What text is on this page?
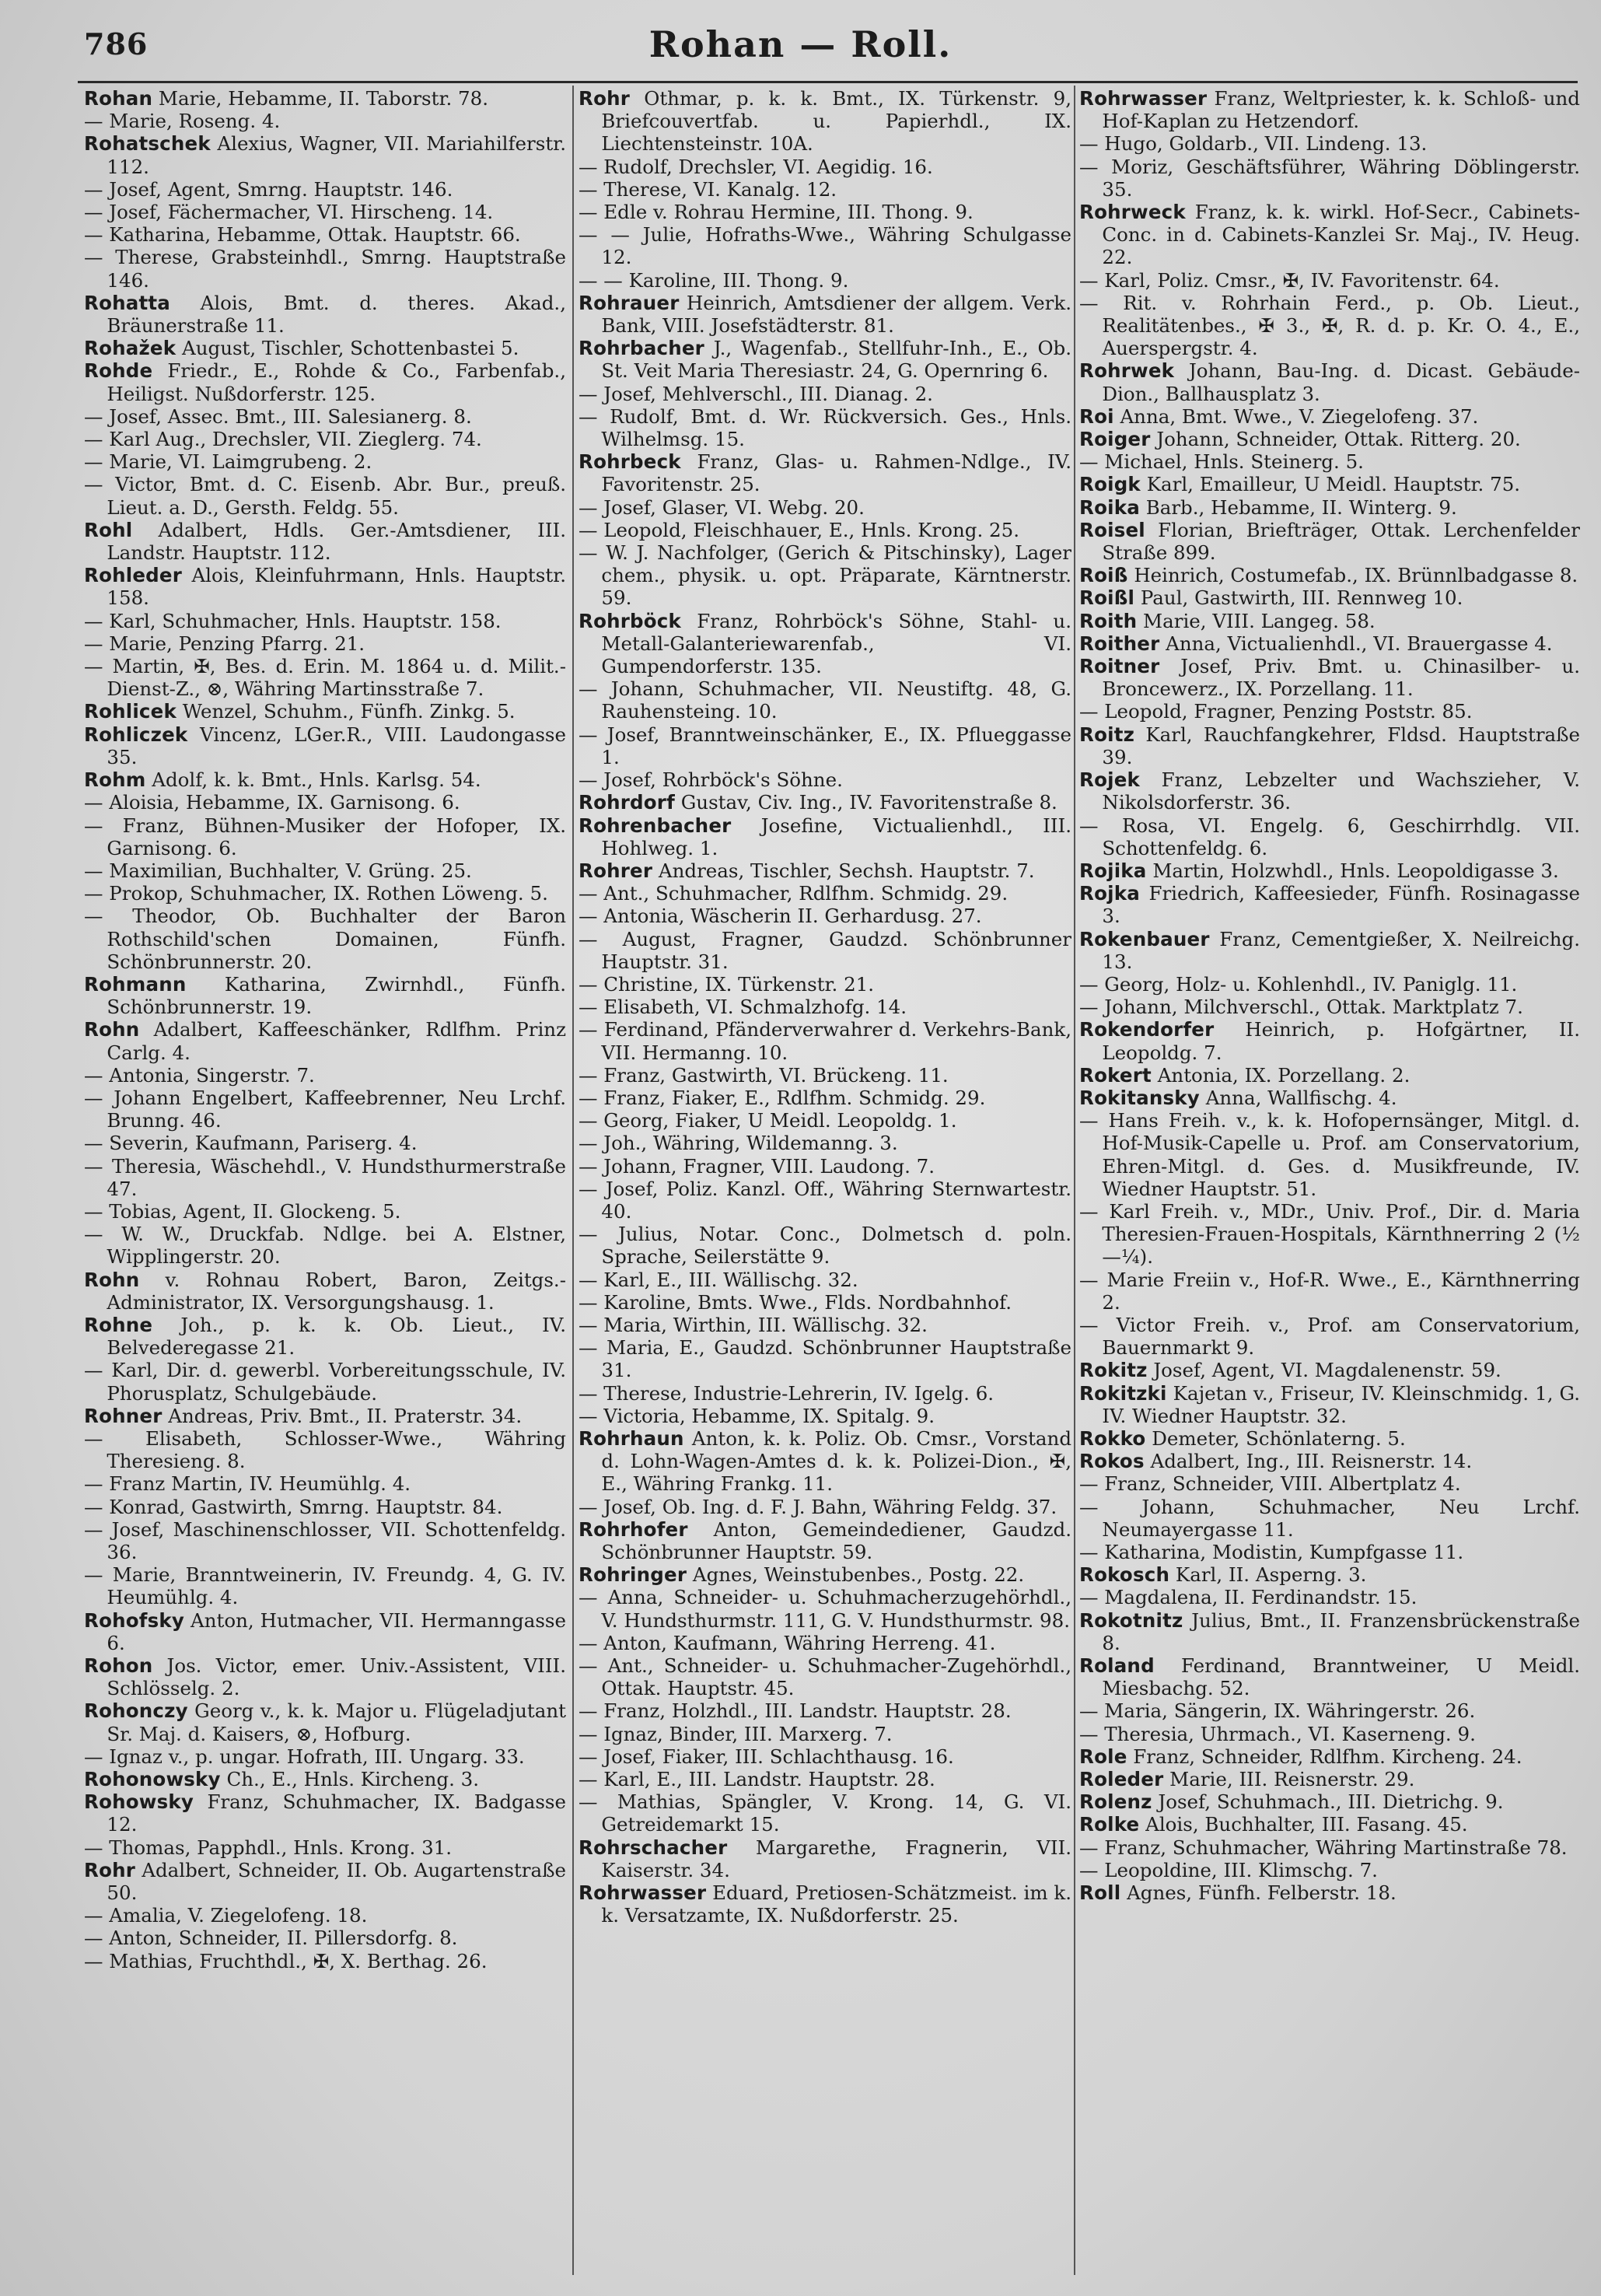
786	Rohan — Roll.

Rohan Marie, Hebamme, II. Taborstr. 78.

— Marie, Roseng. 4.

Rohatschek Alexius, Wagner, VII. Mariahilferstr. 112.

— Josef, Agent, Smrng. Hauptstr. 146.

— Josef, Fächermacher, VI. Hirscheng. 14.

— Katharina, Hebamme, Ottak. Hauptstr. 66.

— Therese, Grabsteinhdl., Smrng. Hauptstraße 146.

Rohatta Alois, Bmt. d. theres. Akad., Bräunerstraße 11.

Rohažek August, Tischler, Schottenbastei 5.

Rohde Friedr., E., Rohde & Co., Farbenfab., Heiligst. Nußdorferstr. 125.

— Josef, Assec. Bmt., III. Salesianerg. 8.

— Karl Aug., Drechsler, VII. Zieglerg. 74.

— Marie, VI. Laimgrubeng. 2.

— Victor, Bmt. d. C. Eisenb. Abr. Bur., preuß. Lieut. a. D., Gersth. Feldg. 55.

Rohl Adalbert, Hdls. Ger.-Amtsdiener, III. Landstr. Hauptstr. 112.

Rohleder Alois, Kleinfuhrmann, Hnls. Hauptstr. 158.

— Karl, Schuhmacher, Hnls. Hauptstr. 158.

— Marie, Penzing Pfarrg. 21.

— Martin, ✠, Bes. d. Erin. M. 1864 u. d. Milit.-Dienst-Z., ⊗, Währing Martinsstraße 7.

Rohlicek Wenzel, Schuhm., Fünfh. Zinkg. 5.

Rohliczek Vincenz, LGer.R., VIII. Laudongasse 35.

Rohm Adolf, k. k. Bmt., Hnls. Karlsg. 54.

— Aloisia, Hebamme, IX. Garnisong. 6.

— Franz, Bühnen-Musiker der Hofoper, IX. Garnisong. 6.

— Maximilian, Buchhalter, V. Grüng. 25.

— Prokop, Schuhmacher, IX. Rothen Löweng. 5.

— Theodor, Ob. Buchhalter der Baron Rothschild'schen Domainen, Fünfh. Schönbrunnerstr. 20.

Rohmann Katharina, Zwirnhdl., Fünfh. Schönbrunnerstr. 19.

Rohn Adalbert, Kaffeeschänker, Rdlfhm. Prinz Carlg. 4.

— Antonia, Singerstr. 7.

— Johann Engelbert, Kaffeebrenner, Neu Lrchf. Brunng. 46.

— Severin, Kaufmann, Pariserg. 4.

— Theresia, Wäschehdl., V. Hundsthurmerstraße 47.

— Tobias, Agent, II. Glockeng. 5.

— W. W., Druckfab. Ndlge. bei A. Elstner, Wipplingerstr. 20.

Rohn v. Rohnau Robert, Baron, Zeitgs.-Administrator, IX. Versorgungshausg. 1.

Rohne Joh., p. k. k. Ob. Lieut., IV. Belvederegasse 21.

— Karl, Dir. d. gewerbl. Vorbereitungsschule, IV. Phorusplatz, Schulgebäude.

Rohner Andreas, Priv. Bmt., II. Praterstr. 34.

— Elisabeth, Schlosser-Wwe., Währing Theresieng. 8.

— Franz Martin, IV. Heumühlg. 4.

— Konrad, Gastwirth, Smrng. Hauptstr. 84.

— Josef, Maschinenschlosser, VII. Schottenfeldg. 36.

— Marie, Branntweinerin, IV. Freundg. 4, G. IV. Heumühlg. 4.

Rohofsky Anton, Hutmacher, VII. Hermanngasse 6.

Rohon Jos. Victor, emer. Univ.-Assistent, VIII. Schlösselg. 2.

Rohonczy Georg v., k. k. Major u. Flügeladjutant Sr. Maj. d. Kaisers, ⊗, Hofburg.

— Ignaz v., p. ungar. Hofrath, III. Ungarg. 33.

Rohonowsky Ch., E., Hnls. Kircheng. 3.

Rohowsky Franz, Schuhmacher, IX. Badgasse 12.

— Thomas, Papphdl., Hnls. Krong. 31.

Rohr Adalbert, Schneider, II. Ob. Augartenstraße 50.

— Amalia, V. Ziegelofeng. 18.

— Anton, Schneider, II. Pillersdorfg. 8.

— Mathias, Fruchthdl., ✠, X. Berthag. 26.

Rohr Othmar, p. k. k. Bmt., IX. Türkenstr. 9, Briefcouvertfab. u. Papierhdl., IX. Liechtensteinstr. 10A.

— Rudolf, Drechsler, VI. Aegidig. 16.

— Therese, VI. Kanalg. 12.

— Edle v. Rohrau Hermine, III. Thong. 9.

— — Julie, Hofraths-Wwe., Währing Schulgasse 12.

— — Karoline, III. Thong. 9.

Rohrauer Heinrich, Amtsdiener der allgem. Verk. Bank, VIII. Josefstädterstr. 81.

Rohrbacher J., Wagenfab., Stellfuhr-Inh., E., Ob. St. Veit Maria Theresiastr. 24, G. Opernring 6.

— Josef, Mehlverschl., III. Dianag. 2.

— Rudolf, Bmt. d. Wr. Rückversich. Ges., Hnls. Wilhelmsg. 15.

Rohrbeck Franz, Glas- u. Rahmen-Ndlge., IV. Favoritenstr. 25.

— Josef, Glaser, VI. Webg. 20.

— Leopold, Fleischhauer, E., Hnls. Krong. 25.

— W. J. Nachfolger, (Gerich & Pitschinsky), Lager chem., physik. u. opt. Präparate, Kärntnerstr. 59.

Rohrböck Franz, Rohrböck's Söhne, Stahl- u. Metall-Galanteriewarenfab., VI. Gumpendorferstr. 135.

— Johann, Schuhmacher, VII. Neustiftg. 48, G. Rauhensteing. 10.

— Josef, Branntweinschänker, E., IX. Pflueggasse 1.

— Josef, Rohrböck's Söhne.

Rohrdorf Gustav, Civ. Ing., IV. Favoritenstraße 8.

Rohrenbacher Josefine, Victualienhdl., III. Hohlweg. 1.

Rohrer Andreas, Tischler, Sechsh. Hauptstr. 7.

— Ant., Schuhmacher, Rdlfhm. Schmidg. 29.

— Antonia, Wäscherin II. Gerhardusg. 27.

— August, Fragner, Gaudzd. Schönbrunner Hauptstr. 31.

— Christine, IX. Türkenstr. 21.

— Elisabeth, VI. Schmalzhofg. 14.

— Ferdinand, Pfänderverwahrer d. Verkehrs-Bank, VII. Hermanng. 10.

— Franz, Gastwirth, VI. Brückeng. 11.

— Franz, Fiaker, E., Rdlfhm. Schmidg. 29.

— Georg, Fiaker, U Meidl. Leopoldg. 1.

— Joh., Währing, Wildemanng. 3.

— Johann, Fragner, VIII. Laudong. 7.

— Josef, Poliz. Kanzl. Off., Währing Sternwartestr. 40.

— Julius, Notar. Conc., Dolmetsch d. poln. Sprache, Seilerstätte 9.

— Karl, E., III. Wällischg. 32.

— Karoline, Bmts. Wwe., Flds. Nordbahnhof.

— Maria, Wirthin, III. Wällischg. 32.

— Maria, E., Gaudzd. Schönbrunner Hauptstraße 31.

— Therese, Industrie-Lehrerin, IV. Igelg. 6.

— Victoria, Hebamme, IX. Spitalg. 9.

Rohrhaun Anton, k. k. Poliz. Ob. Cmsr., Vorstand d. Lohn-Wagen-Amtes d. k. k. Polizei-Dion., ✠, E., Währing Frankg. 11.

— Josef, Ob. Ing. d. F. J. Bahn, Währing Feldg. 37.

Rohrhofer Anton, Gemeindediener, Gaudzd. Schönbrunner Hauptstr. 59.

Rohringer Agnes, Weinstubenbes., Postg. 22.

— Anna, Schneider- u. Schuhmacherzugehörhdl., V. Hundsthurmstr. 111, G. V. Hundsthurmstr. 98.

— Anton, Kaufmann, Währing Herreng. 41.

— Ant., Schneider- u. Schuhmacher-Zugehörhdl., Ottak. Hauptstr. 45.

— Franz, Holzhdl., III. Landstr. Hauptstr. 28.

— Ignaz, Binder, III. Marxerg. 7.

— Josef, Fiaker, III. Schlachthausg. 16.

— Karl, E., III. Landstr. Hauptstr. 28.

— Mathias, Spängler, V. Krong. 14, G. VI. Getreidemarkt 15.

Rohrschacher Margarethe, Fragnerin, VII. Kaiserstr. 34.

Rohrwasser Eduard, Pretiosen-Schätzmeist. im k. k. Versatzamte, IX. Nußdorferstr. 25.

Rohrwasser Franz, Weltpriester, k. k. Schloß- und Hof-Kaplan zu Hetzendorf.

— Hugo, Goldarb., VII. Lindeng. 13.

— Moriz, Geschäftsführer, Währing Döblingerstr. 35.

Rohrweck Franz, k. k. wirkl. Hof-Secr., Cabinets-Conc. in d. Cabinets-Kanzlei Sr. Maj., IV. Heug. 22.

— Karl, Poliz. Cmsr., ✠, IV. Favoritenstr. 64.

— Rit. v. Rohrhain Ferd., p. Ob. Lieut., Realitätenbes., ✠ 3., ✠, R. d. p. Kr. O. 4., E., Auerspergstr. 4.

Rohrwek Johann, Bau-Ing. d. Dicast. Gebäude-Dion., Ballhausplatz 3.

Roi Anna, Bmt. Wwe., V. Ziegelofeng. 37.

Roiger Johann, Schneider, Ottak. Ritterg. 20.

— Michael, Hnls. Steinerg. 5.

Roigk Karl, Emailleur, U Meidl. Hauptstr. 75.

Roika Barb., Hebamme, II. Winterg. 9.

Roisel Florian, Briefträger, Ottak. Lerchenfelder Straße 899.

Roiß Heinrich, Costumefab., IX. Brünnlbadgasse 8.

Roißl Paul, Gastwirth, III. Rennweg 10.

Roith Marie, VIII. Langeg. 58.

Roither Anna, Victualienhdl., VI. Brauergasse 4.

Roitner Josef, Priv. Bmt. u. Chinasilber- u. Broncewerz., IX. Porzellang. 11.

— Leopold, Fragner, Penzing Poststr. 85.

Roitz Karl, Rauchfangkehrer, Fldsd. Hauptstraße 39.

Rojek Franz, Lebzelter und Wachszieher, V. Nikolsdorferstr. 36.

— Rosa, VI. Engelg. 6, Geschirrhdlg. VII. Schottenfeldg. 6.

Rojika Martin, Holzwhdl., Hnls. Leopoldigasse 3.

Rojka Friedrich, Kaffeesieder, Fünfh. Rosinagasse 3.

Rokenbauer Franz, Cementgießer, X. Neilreichg. 13.

— Georg, Holz- u. Kohlenhdl., IV. Paniglg. 11.

— Johann, Milchverschl., Ottak. Marktplatz 7.

Rokendorfer Heinrich, p. Hofgärtner, II. Leopoldg. 7.

Rokert Antonia, IX. Porzellang. 2.

Rokitansky Anna, Wallfischg. 4.

— Hans Freih. v., k. k. Hofopernsänger, Mitgl. d. Hof-Musik-Capelle u. Prof. am Conservatorium, Ehren-Mitgl. d. Ges. d. Musikfreunde, IV. Wiedner Hauptstr. 51.

— Karl Freih. v., MDr., Univ. Prof., Dir. d. Maria Theresien-Frauen-Hospitals, Kärnthnerring 2 (½—¼).

— Marie Freiin v., Hof-R. Wwe., E., Kärnthnerring 2.

— Victor Freih. v., Prof. am Conservatorium, Bauernmarkt 9.

Rokitz Josef, Agent, VI. Magdalenenstr. 59.

Rokitzki Kajetan v., Friseur, IV. Kleinschmidg. 1, G. IV. Wiedner Hauptstr. 32.

Rokko Demeter, Schönlaterng. 5.

Rokos Adalbert, Ing., III. Reisnerstr. 14.

— Franz, Schneider, VIII. Albertplatz 4.

— Johann, Schuhmacher, Neu Lrchf. Neumayergasse 11.

— Katharina, Modistin, Kumpfgasse 11.

Rokosch Karl, II. Asperng. 3.

— Magdalena, II. Ferdinandstr. 15.

Rokotnitz Julius, Bmt., II. Franzensbrückenstraße 8.

Roland Ferdinand, Branntweiner, U Meidl. Miesbachg. 52.

— Maria, Sängerin, IX. Währingerstr. 26.

— Theresia, Uhrmach., VI. Kaserneng. 9.

Role Franz, Schneider, Rdlfhm. Kircheng. 24.

Roleder Marie, III. Reisnerstr. 29.

Rolenz Josef, Schuhmach., III. Dietrichg. 9.

Rolke Alois, Buchhalter, III. Fasang. 45.

— Franz, Schuhmacher, Währing Martinstraße 78.

— Leopoldine, III. Klimschg. 7.

Roll Agnes, Fünfh. Felberstr. 18.
